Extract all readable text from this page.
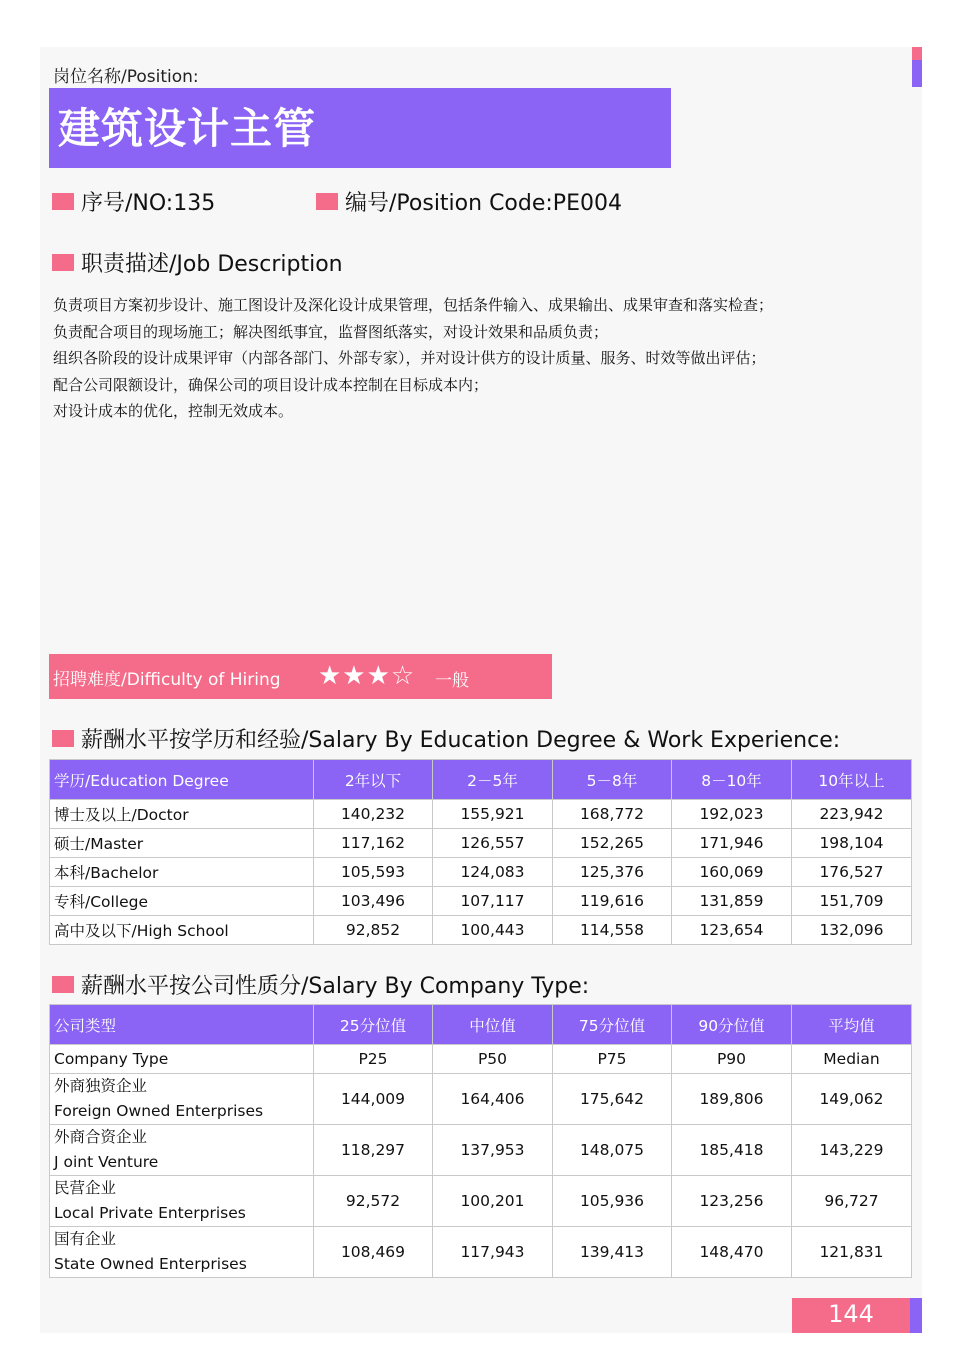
岗位名称/Position:
建筑设计主管
序号/NO:135	编号/Position Code:PE004
职责描述/Job Description
负责项目方案初步设计、施工图设计及深化设计成果管理，包括条件输入、成果输出、成果审查和落实检查；
负责配合项目的现场施工；解决图纸事宜，监督图纸落实，对设计效果和品质负责；
组织各阶段的设计成果评审（内部各部门、外部专家），并对设计供方的设计质量、服务、时效等做出评估；
配合公司限额设计，确保公司的项目设计成本控制在目标成本内；
对设计成本的优化，控制无效成本。
招聘难度/Difficulty of Hiring ★★★☆ 一般
薪酬水平按学历和经验/Salary By Education Degree & Work Experience:
学历/Education Degree	2年以下	2－5年	5－8年	8－10年	10年以上
博士及以上/Doctor	140,232	155,921	168,772	192,023	223,942
硕士/Master	117,162	126,557	152,265	171,946	198,104
本科/Bachelor	105,593	124,083	125,376	160,069	176,527
专科/College	103,496	107,117	119,616	131,859	151,709
高中及以下/High School	92,852	100,443	114,558	123,654	132,096
薪酬水平按公司性质分/Salary By Company Type:
公司类型	25分位值	中位值	75分位值	90分位值	平均值
Company Type	P25	P50	P75	P90	Median

外商独资企业
Foreign Owned Enterprises	144,009	164,406	175,642	189,806	149,062

外商合资企业
J oint Venture	118,297	137,953	148,075	185,418	143,229

民营企业
Local Private Enterprises	92,572	100,201	105,936	123,256	96,727

国有企业
State Owned Enterprises	108,469	117,943	139,413	148,470	121,831
144
